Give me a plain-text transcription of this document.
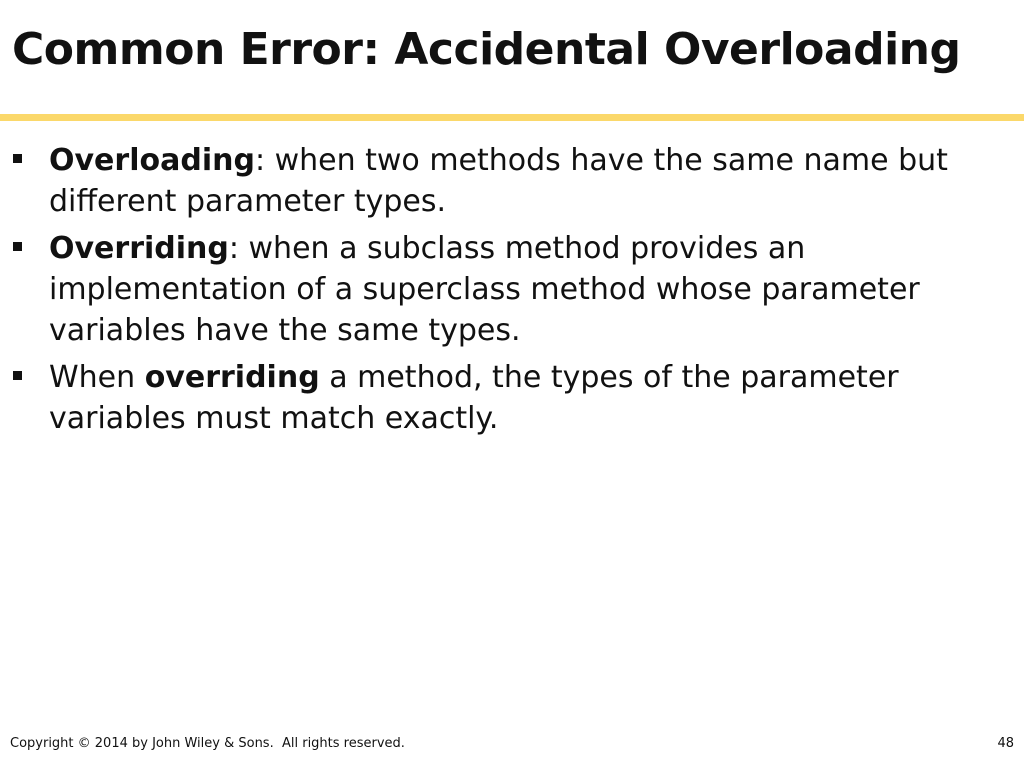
Common Error: Accidental Overloading
Overloading: when two methods have the same name but different parameter types.
Overriding: when a subclass method provides an implementation of a superclass method whose parameter variables have the same types.
When overriding a method, the types of the parameter variables must match exactly.
Copyright © 2014 by John Wiley & Sons.  All rights reserved.	48
